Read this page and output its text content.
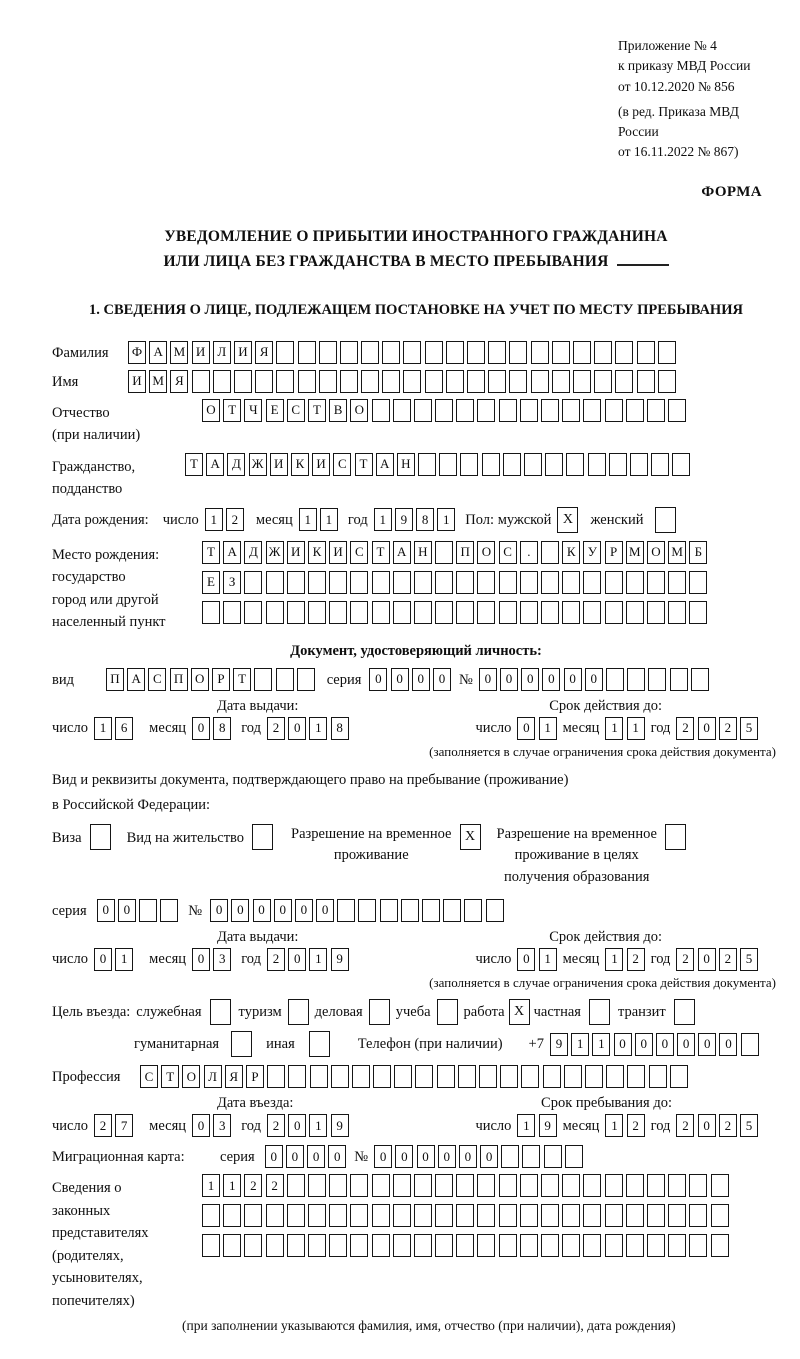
Приложение № 4
к приказу МВД России
от 10.12.2020 № 856
(в ред. Приказа МВД России
от 16.11.2022 № 867)
ФОРМА
УВЕДОМЛЕНИЕ О ПРИБЫТИИ ИНОСТРАННОГО ГРАЖДАНИНА
ИЛИ ЛИЦА БЕЗ ГРАЖДАНСТВА В МЕСТО ПРЕБЫВАНИЯ
1. СВЕДЕНИЯ О ЛИЦЕ, ПОДЛЕЖАЩЕМ ПОСТАНОВКЕ НА УЧЕТ ПО МЕСТУ ПРЕБЫВАНИЯ
Фамилия	Ф А М И Л И Я
Имя	И М Я
Отчество
(при наличии)
О Т Ч Е С Т В О
Гражданство,
подданство
Т А Д Ж И К И С Т А Н
Дата рождения: число 1	2	месяц 1	1	год 1	9	8	1	Пол: мужской X	женский
Место рождения:
государство
город или другой
населенный пункт
Т А Д Ж И К И С Т А Н	П О С	.	К У Р М О М Б
Е	З
Документ, удостоверяющий личность:
вид	П А С П О Р	Т	серия	0	0	0	0 № 0	0	0	0	0	0
Дата выдачи:	Срок действия до:
число 1	6	месяц 0	8	год 2	0	1	8	число 0	1 месяц 1	1 год 2	0	2	5
(заполняется в случае ограничения срока действия документа)
Вид и реквизиты документа, подтверждающего право на пребывание (проживание)
в Российской Федерации:
Виза	Вид на жительство	Разрешение на временное
проживание
X	Разрешение на временное
проживание в целях
получения образования
серия	0	0	№	0	0	0	0	0	0
Дата выдачи:	Срок действия до:
число 0	1	месяц 0	3	год 2	0	1	9	число 0	1 месяц 1	2 год 2	0	2	5
(заполняется в случае ограничения срока действия документа)
Цель въезда: служебная	туризм деловая учеба работа X частная	транзит
гуманитарная	иная	Телефон (при наличии) +7 9	1	1	0	0	0	0	0	0
Профессия	С Т О Л Я	Р
Дата въезда:	Срок пребывания до:
число 2	7	месяц 0	3	год 2	0	1	9	число 1	9 месяц 1	2 год 2	0	2	5
Миграционная карта:	серия	0	0	0	0 № 0	0	0	0	0	0
Сведения о
законных
представителях
(родителях,
усыновителях,
попечителях)
1	1	2	2
(при заполнении указываются фамилия, имя, отчество (при наличии), дата рождения)
